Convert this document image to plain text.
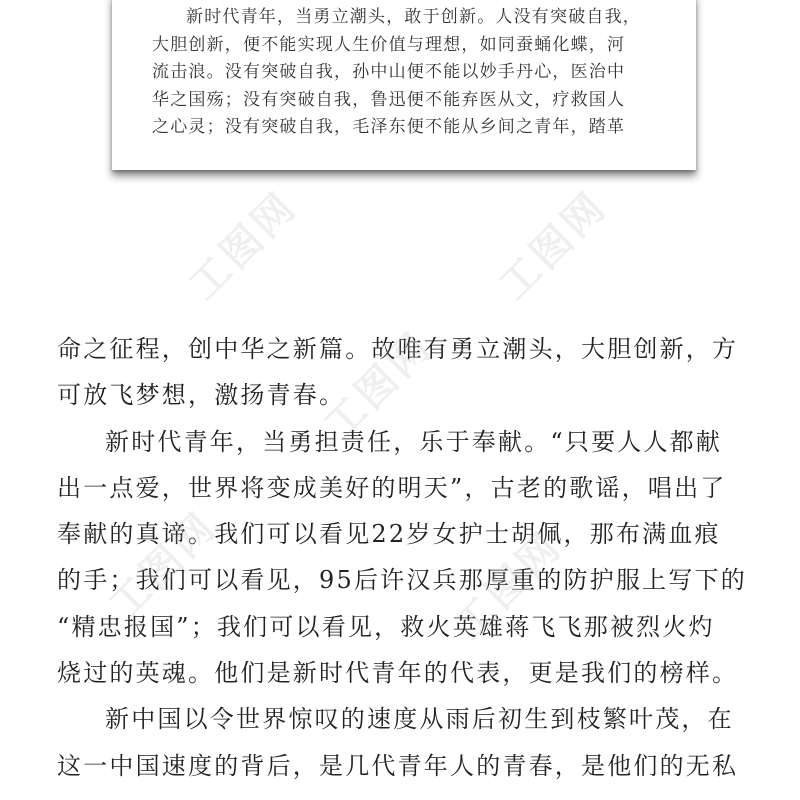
新时代青年，当勇立潮头，敢于创新。人没有突破自我，
大胆创新，便不能实现人生价值与理想，如同蚕蛹化蝶，河
流击浪。没有突破自我，孙中山便不能以妙手丹心，医治中
华之国殇；没有突破自我，鲁迅便不能弃医从文，疗救国人
之心灵；没有突破自我，毛泽东便不能从乡间之青年，踏革
命之征程，创中华之新篇。故唯有勇立潮头，大胆创新，方
可放飞梦想，激扬青春。
新时代青年，当勇担责任，乐于奉献。“只要人人都献
出一点爱，世界将变成美好的明天”，古老的歌谣，唱出了
奉献的真谛。我们可以看见22岁女护士胡佩，那布满血痕
的手；我们可以看见，95后许汉兵那厚重的防护服上写下的
“精忠报国”；我们可以看见，救火英雄蒋飞飞那被烈火灼
烧过的英魂。他们是新时代青年的代表，更是我们的榜样。
新中国以令世界惊叹的速度从雨后初生到枝繁叶茂，在
这一中国速度的背后，是几代青年人的青春，是他们的无私
工图网	工图网
工图网
工图网	工图网
